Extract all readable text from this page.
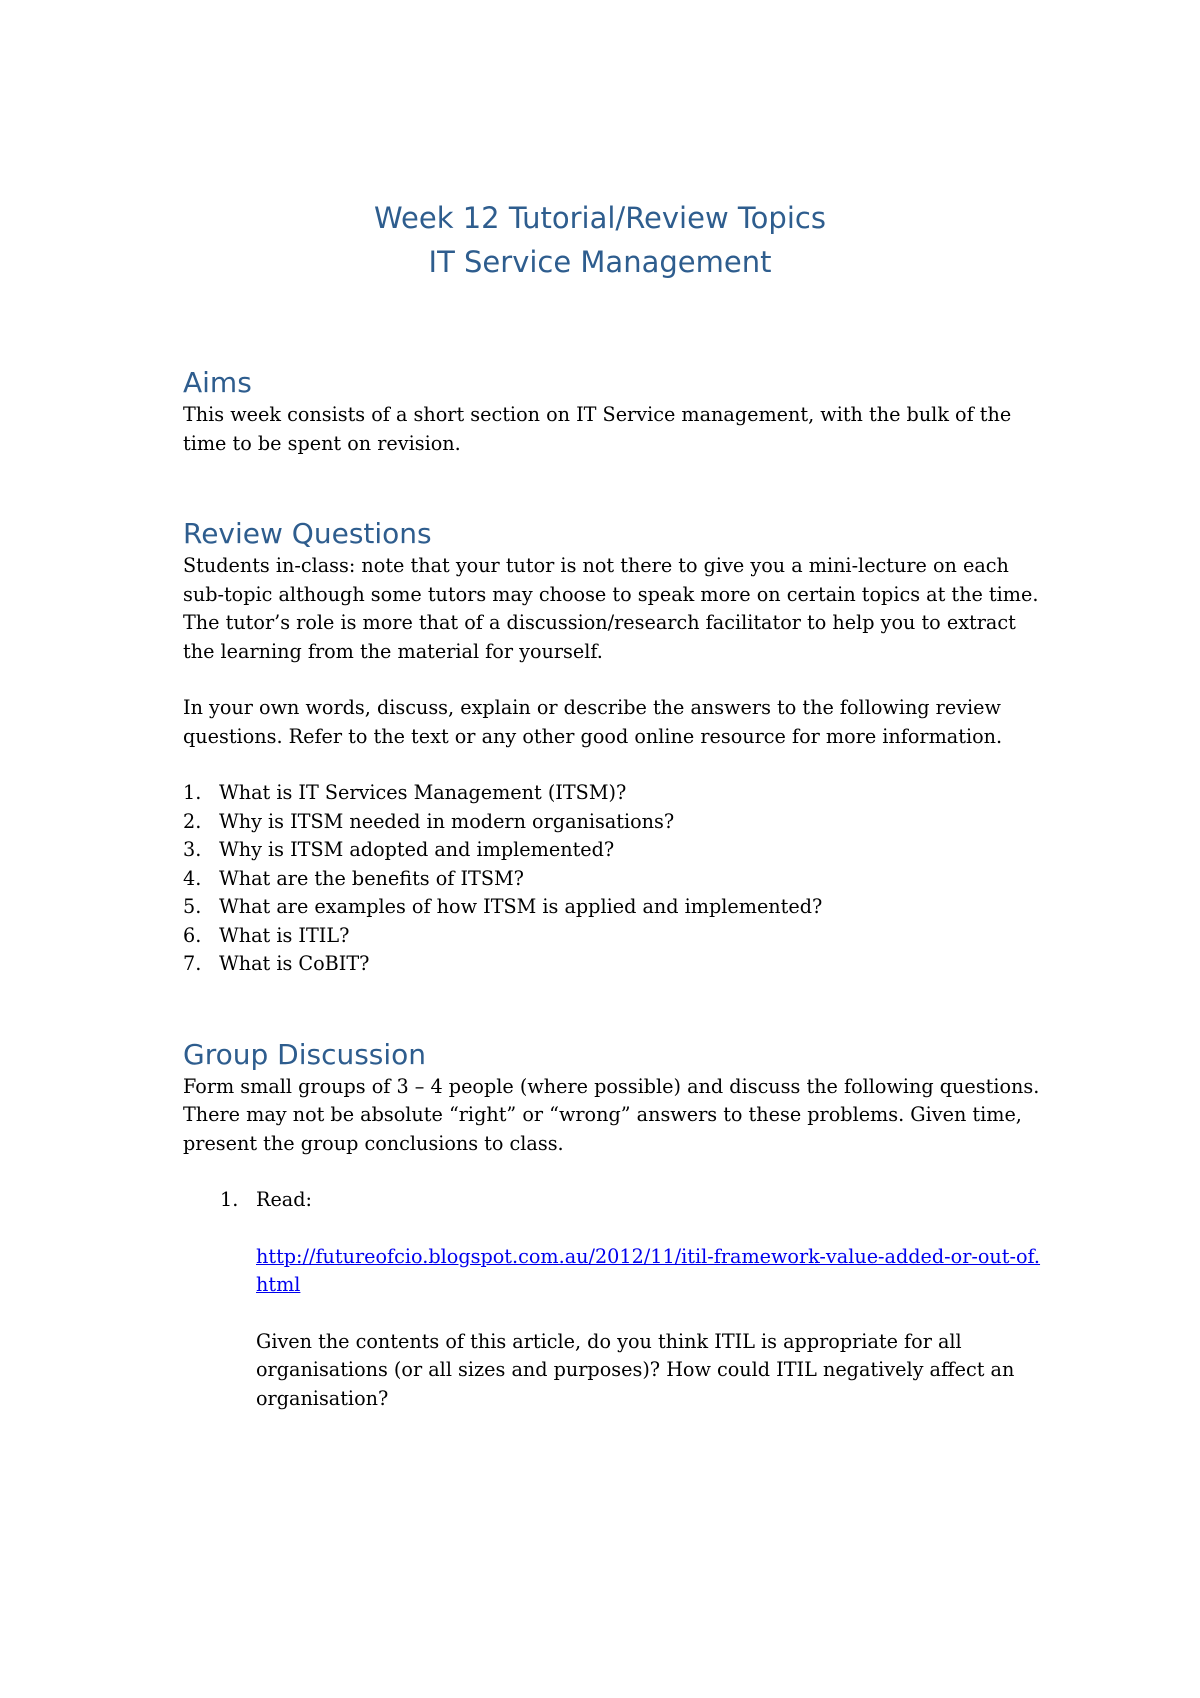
Week 12 Tutorial/Review Topics
IT Service Management
Aims

This week consists of a short section on IT Service management, with the bulk of the time to be spent on revision.

Review Questions

Students in-class: note that your tutor is not there to give you a mini-lecture on each sub-topic although some tutors may choose to speak more on certain topics at the time. The tutor’s role is more that of a discussion/research facilitator to help you to extract the learning from the material for yourself.

In your own words, discuss, explain or describe the answers to the following review questions. Refer to the text or any other good online resource for more information.

1. What is IT Services Management (ITSM)?
2. Why is ITSM needed in modern organisations?
3. Why is ITSM adopted and implemented?
4. What are the benefits of ITSM?
5. What are examples of how ITSM is applied and implemented?
6. What is ITIL?
7. What is CoBIT?
Group Discussion

Form small groups of 3 – 4 people (where possible) and discuss the following questions. There may not be absolute “right” or “wrong” answers to these problems. Given time, present the group conclusions to class.

1. Read:

http://futureofcio.blogspot.com.au/2012/11/itil-framework-value-added-or-out-of.html

Given the contents of this article, do you think ITIL is appropriate for all organisations (or all sizes and purposes)? How could ITIL negatively affect an organisation?
